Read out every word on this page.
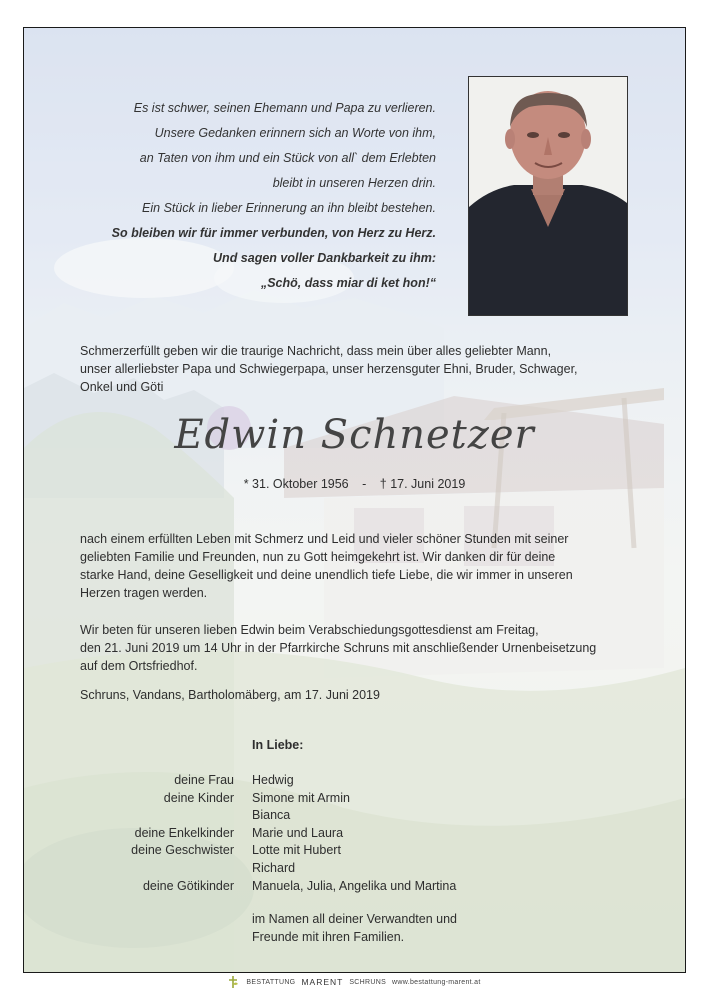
Es ist schwer, seinen Ehemann und Papa zu verlieren.
Unsere Gedanken erinnern sich an Worte von ihm,
an Taten von ihm und ein Stück von all` dem Erlebten
bleibt in unseren Herzen drin.
Ein Stück in lieber Erinnerung an ihn bleibt bestehen.
So bleiben wir für immer verbunden, von Herz zu Herz.
Und sagen voller Dankbarkeit zu ihm:
„Schö, dass miar di ket hon!“
Schmerzerfüllt geben wir die traurige Nachricht, dass mein über alles geliebter Mann,
unser allerliebster Papa und Schwiegerpapa, unser herzensguter Ehni, Bruder, Schwager,
Onkel und Göti
Edwin Schnetzer
* 31. Oktober 1956 - † 17. Juni 2019
nach einem erfüllten Leben mit Schmerz und Leid und vieler schöner Stunden mit seiner
geliebten Familie und Freunden, nun zu Gott heimgekehrt ist. Wir danken dir für deine
starke Hand, deine Geselligkeit und deine unendlich tiefe Liebe, die wir immer in unseren
Herzen tragen werden.
Wir beten für unseren lieben Edwin beim Verabschiedungsgottesdienst am Freitag,
den 21. Juni 2019 um 14 Uhr in der Pfarrkirche Schruns mit anschließender Urnenbeisetzung
auf dem Ortsfriedhof.
Schruns, Vandans, Bartholomäberg, am 17. Juni 2019
In Liebe:
deine Frau	Hedwig
deine Kinder	Simone mit Armin
Bianca
deine Enkelkinder	Marie und Laura
deine Geschwister	Lotte mit Hubert
Richard
deine Götikinder	Manuela, Julia, Angelika und Martina
im Namen all deiner Verwandten und
Freunde mit ihren Familien.
BESTATTUNG MARENT SCHRUNS www.bestattung-marent.at
